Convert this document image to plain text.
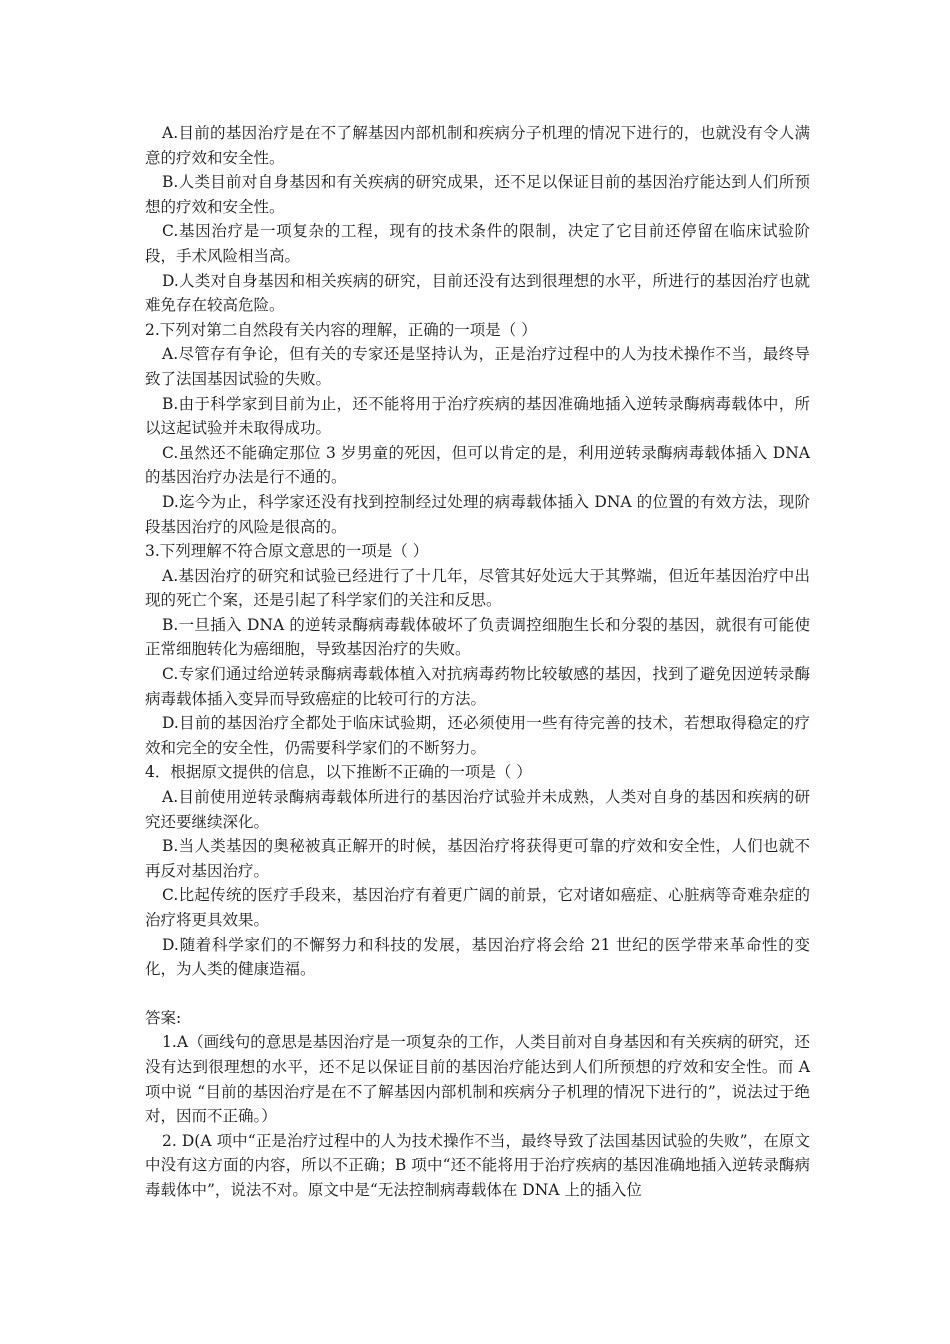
A.目前的基因治疗是在不了解基因内部机制和疾病分子机理的情况下进行的，也就没有令人满意的疗效和安全性。

B.人类目前对自身基因和有关疾病的研究成果，还不足以保证目前的基因治疗能达到人们所预想的疗效和安全性。

C.基因治疗是一项复杂的工程，现有的技术条件的限制，决定了它目前还停留在临床试验阶段，手术风险相当高。

D.人类对自身基因和相关疾病的研究，目前还没有达到很理想的水平，所进行的基因治疗也就难免存在较高危险。

2.下列对第二自然段有关内容的理解，正确的一项是（ ）

A.尽管存有争论，但有关的专家还是坚持认为，正是治疗过程中的人为技术操作不当，最终导致了法国基因试验的失败。

B.由于科学家到目前为止，还不能将用于治疗疾病的基因准确地插入逆转录酶病毒载体中，所以这起试验并未取得成功。

C.虽然还不能确定那位 3 岁男童的死因，但可以肯定的是，利用逆转录酶病毒载体插入 DNA 的基因治疗办法是行不通的。

D.迄今为止，科学家还没有找到控制经过处理的病毒载体插入 DNA 的位置的有效方法，现阶段基因治疗的风险是很高的。

3.下列理解不符合原文意思的一项是（ ）

A.基因治疗的研究和试验已经进行了十几年，尽管其好处远大于其弊端，但近年基因治疗中出现的死亡个案，还是引起了科学家们的关注和反思。

B.一旦插入 DNA 的逆转录酶病毒载体破坏了负责调控细胞生长和分裂的基因，就很有可能使正常细胞转化为癌细胞，导致基因治疗的失败。

C.专家们通过给逆转录酶病毒载体植入对抗病毒药物比较敏感的基因，找到了避免因逆转录酶病毒载体插入变异而导致癌症的比较可行的方法。

D.目前的基因治疗全都处于临床试验期，还必须使用一些有待完善的技术，若想取得稳定的疗效和完全的安全性，仍需要科学家们的不断努力。

4．根据原文提供的信息，以下推断不正确的一项是（ ）

A.目前使用逆转录酶病毒载体所进行的基因治疗试验并未成熟，人类对自身的基因和疾病的研究还要继续深化。

B.当人类基因的奥秘被真正解开的时候，基因治疗将获得更可靠的疗效和安全性，人们也就不再反对基因治疗。

C.比起传统的医疗手段来，基因治疗有着更广阔的前景，它对诸如癌症、心脏病等奇难杂症的治疗将更具效果。

D.随着科学家们的不懈努力和科技的发展，基因治疗将会给 21 世纪的医学带来革命性的变化，为人类的健康造福。

答案:

1.A（画线句的意思是基因治疗是一项复杂的工作，人类目前对自身基因和有关疾病的研究，还没有达到很理想的水平，还不足以保证目前的基因治疗能达到人们所预想的疗效和安全性。而 A 项中说 “目前的基因治疗是在不了解基因内部机制和疾病分子机理的情况下进行的”，说法过于绝对，因而不正确。）

2. D(A 项中“正是治疗过程中的人为技术操作不当，最终导致了法国基因试验的失败”，在原文中没有这方面的内容，所以不正确；B 项中“还不能将用于治疗疾病的基因准确地插入逆转录酶病毒载体中”，说法不对。原文中是“无法控制病毒载体在 DNA 上的插入位
